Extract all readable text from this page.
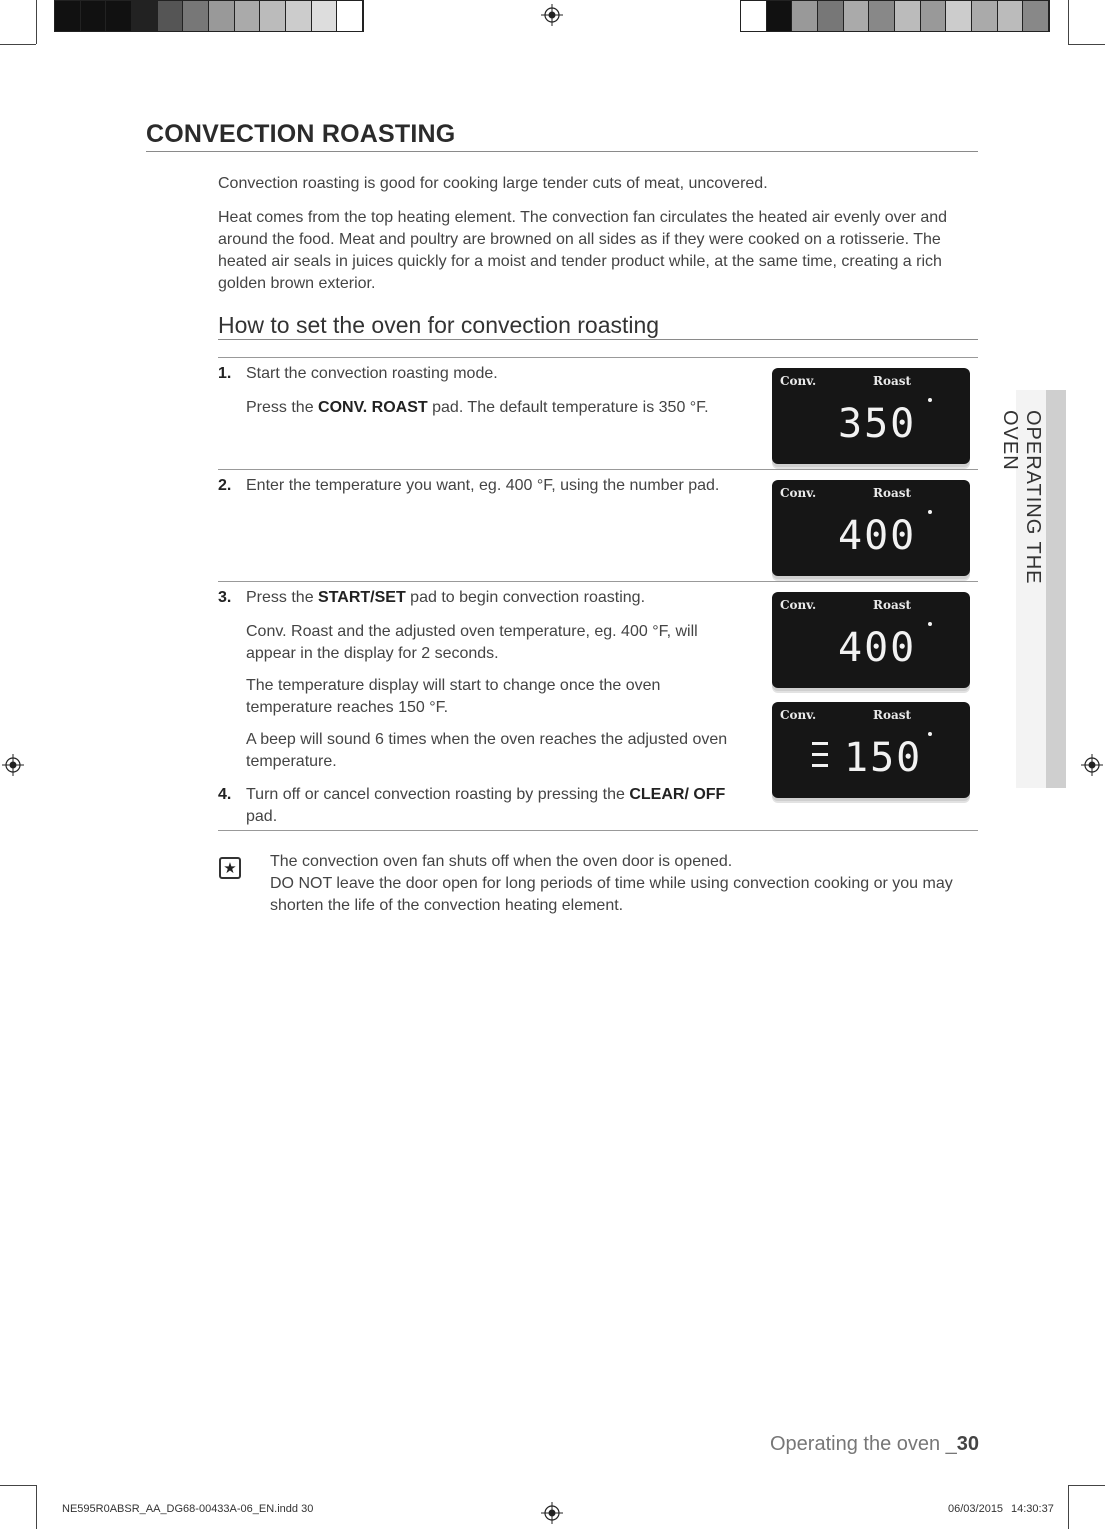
CONVECTION ROASTING
Convection roasting is good for cooking large tender cuts of meat, uncovered.
Heat comes from the top heating element. The convection fan circulates the heated air evenly over and around the food. Meat and poultry are browned on all sides as if they were cooked on a rotisserie. The heated air seals in juices quickly for a moist and tender product while, at the same time, creating a rich golden brown exterior.
How to set the oven for convection roasting
1. Start the convection roasting mode.
Press the CONV. ROAST pad. The default temperature is 350 °F.
2. Enter the temperature you want, eg. 400 °F, using the number pad.
3. Press the START/SET pad to begin convection roasting.
Conv. Roast and the adjusted oven temperature, eg. 400 °F, will appear in the display for 2 seconds.
The temperature display will start to change once the oven temperature reaches 150 °F.
A beep will sound 6 times when the oven reaches the adjusted oven temperature.
4. Turn off or cancel convection roasting by pressing the CLEAR/ OFF pad.
Conv.	Roast
350
Conv.	Roast
400
Conv.	Roast
400
Conv.	Roast
150
OPERATING THE OVEN
★ The convection oven fan shuts off when the oven door is opened.
DO NOT leave the door open for long periods of time while using convection cooking or you may shorten the life of the convection heating element.
Operating the oven _30
NE595R0ABSR_AA_DG68-00433A-06_EN.indd 30	06/03/2015 14:30:37
